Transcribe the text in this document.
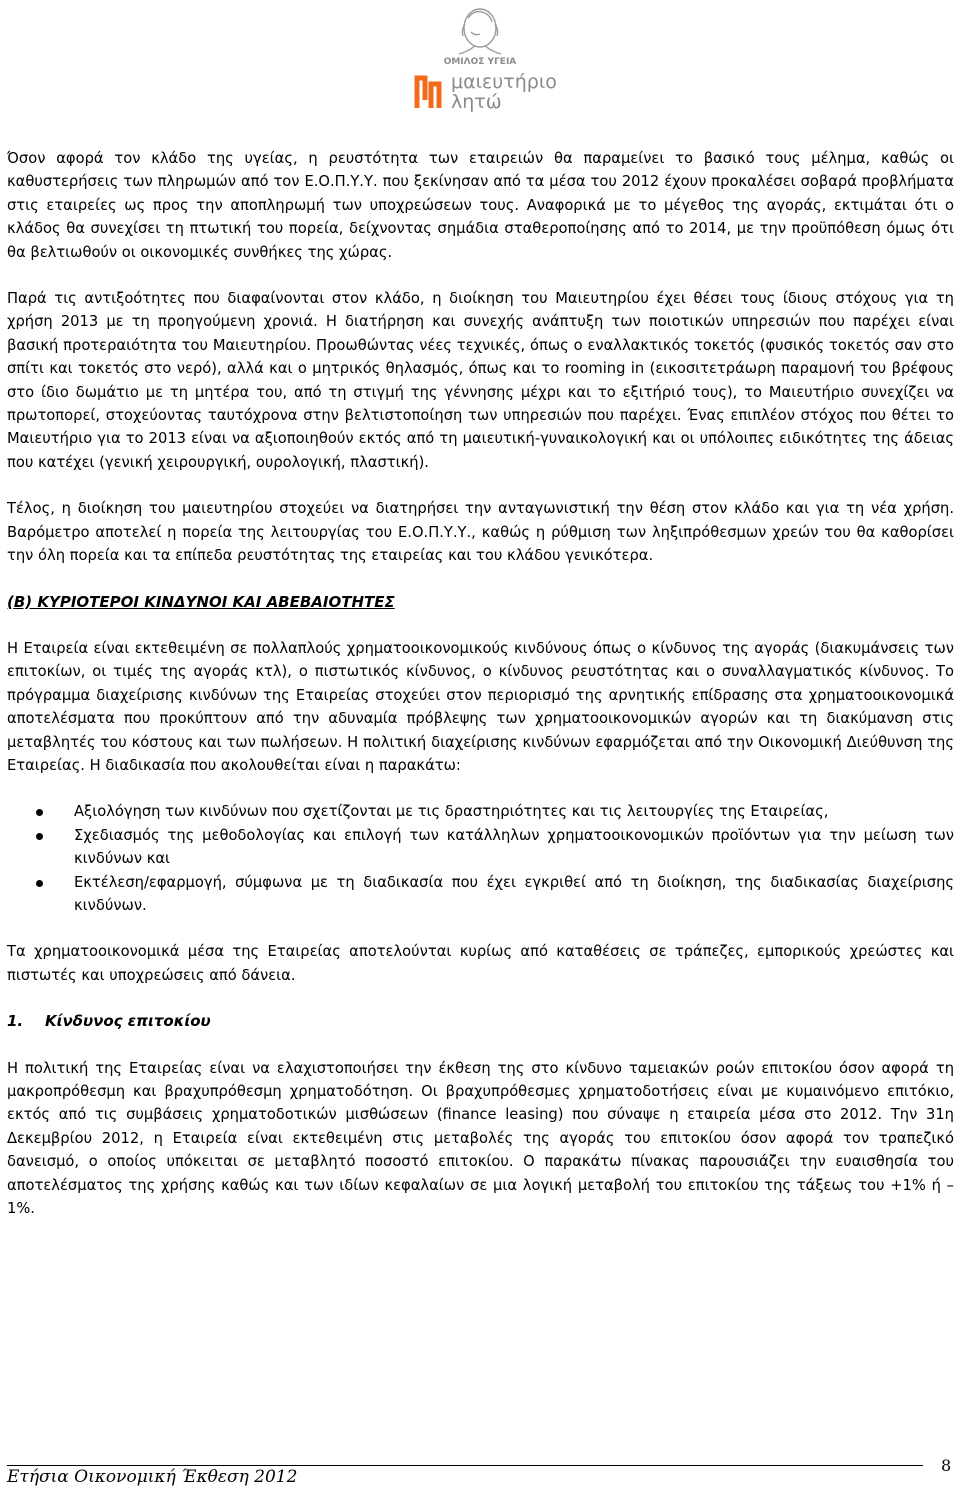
ΟΜΙΛΟΣ ΥΓΕΙΑ
μαιευτήριο
λητώ

Όσον αφορά τον κλάδο της υγείας, η ρευστότητα των εταιρειών θα παραμείνει το βασικό τους μέλημα, καθώς οι καθυστερήσεις των πληρωμών από τον Ε.Ο.Π.Υ.Υ. που ξεκίνησαν από τα μέσα του 2012 έχουν προκαλέσει σοβαρά προβλήματα στις εταιρείες ως προς την αποπληρωμή των υποχρεώσεων τους. Αναφορικά με το μέγεθος της αγοράς, εκτιμάται ότι ο κλάδος θα συνεχίσει τη πτωτική του πορεία, δείχνοντας σημάδια σταθεροποίησης από το 2014, με την προϋπόθεση όμως ότι θα βελτιωθούν οι οικονομικές συνθήκες της χώρας.

Παρά τις αντιξοότητες που διαφαίνονται στον κλάδο, η διοίκηση του Μαιευτηρίου έχει θέσει τους ίδιους στόχους για τη χρήση 2013 με τη προηγούμενη χρονιά. Η διατήρηση και συνεχής ανάπτυξη των ποιοτικών υπηρεσιών που παρέχει είναι βασική προτεραιότητα του Μαιευτηρίου. Προωθώντας νέες τεχνικές, όπως ο εναλλακτικός τοκετός (φυσικός τοκετός σαν στο σπίτι και τοκετός στο νερό), αλλά και ο μητρικός θηλασμός, όπως και το rooming in (εικοσιτετράωρη παραμονή του βρέφους στο ίδιο δωμάτιο με τη μητέρα του, από τη στιγμή της γέννησης μέχρι και το εξιτήριό τους), το Μαιευτήριο συνεχίζει να πρωτοπορεί, στοχεύοντας ταυτόχρονα στην βελτιστοποίηση των υπηρεσιών που παρέχει. Ένας επιπλέον στόχος που θέτει το Μαιευτήριο για το 2013 είναι να αξιοποιηθούν εκτός από τη μαιευτική-γυναικολογική και οι υπόλοιπες ειδικότητες της άδειας που κατέχει (γενική χειρουργική, ουρολογική, πλαστική).

Τέλος, η διοίκηση του μαιευτηρίου στοχεύει να διατηρήσει την ανταγωνιστική την θέση στον κλάδο και για τη νέα χρήση. Βαρόμετρο αποτελεί η πορεία της λειτουργίας του Ε.Ο.Π.Υ.Υ., καθώς η ρύθμιση των ληξιπρόθεσμων χρεών του θα καθορίσει την όλη πορεία και τα επίπεδα ρευστότητας της εταιρείας και του κλάδου γενικότερα.

(Β) ΚΥΡΙΟΤΕΡΟΙ ΚΙΝΔΥΝΟΙ ΚΑΙ ΑΒΕΒΑΙΟΤΗΤΕΣ

Η Εταιρεία είναι εκτεθειμένη σε πολλαπλούς χρηματοοικονομικούς κινδύνους όπως ο κίνδυνος της αγοράς (διακυμάνσεις των επιτοκίων, οι τιμές της αγοράς κτλ), ο πιστωτικός κίνδυνος, ο κίνδυνος ρευστότητας και ο συναλλαγματικός κίνδυνος. Το πρόγραμμα διαχείρισης κινδύνων της Εταιρείας στοχεύει στον περιορισμό της αρνητικής επίδρασης στα χρηματοοικονομικά αποτελέσματα που προκύπτουν από την αδυναμία πρόβλεψης των χρηματοοικονομικών αγορών και τη διακύμανση στις μεταβλητές του κόστους και των πωλήσεων. Η πολιτική διαχείρισης κινδύνων εφαρμόζεται από την Οικονομική Διεύθυνση της Εταιρείας. Η διαδικασία που ακολουθείται είναι η παρακάτω:

Αξιολόγηση των κινδύνων που σχετίζονται με τις δραστηριότητες και τις λειτουργίες της Εταιρείας,
Σχεδιασμός της μεθοδολογίας και επιλογή των κατάλληλων χρηματοοικονομικών προϊόντων για την μείωση των κινδύνων και
Εκτέλεση/εφαρμογή, σύμφωνα με τη διαδικασία που έχει εγκριθεί από τη διοίκηση, της διαδικασίας διαχείρισης κινδύνων.

Τα χρηματοοικονομικά μέσα της Εταιρείας αποτελούνται κυρίως από καταθέσεις σε τράπεζες, εμπορικούς χρεώστες και πιστωτές και υποχρεώσεις από δάνεια.

1. Κίνδυνος επιτοκίου

Η πολιτική της Εταιρείας είναι να ελαχιστοποιήσει την έκθεση της στο κίνδυνο ταμειακών ροών επιτοκίου όσον αφορά τη μακροπρόθεσμη και βραχυπρόθεσμη χρηματοδότηση. Οι βραχυπρόθεσμες χρηματοδοτήσεις είναι με κυμαινόμενο επιτόκιο, εκτός από τις συμβάσεις χρηματοδοτικών μισθώσεων (finance leasing) που σύναψε η εταιρεία μέσα στο 2012. Την 31η Δεκεμβρίου 2012, η Εταιρεία είναι εκτεθειμένη στις μεταβολές της αγοράς του επιτοκίου όσον αφορά τον τραπεζικό δανεισμό, ο οποίος υπόκειται σε μεταβλητό ποσοστό επιτοκίου. Ο παρακάτω πίνακας παρουσιάζει την ευαισθησία του αποτελέσματος της χρήσης καθώς και των ιδίων κεφαλαίων σε μια λογική μεταβολή του επιτοκίου της τάξεως του +1% ή –1%.

Ετήσια Οικονομική Έκθεση 2012
8
